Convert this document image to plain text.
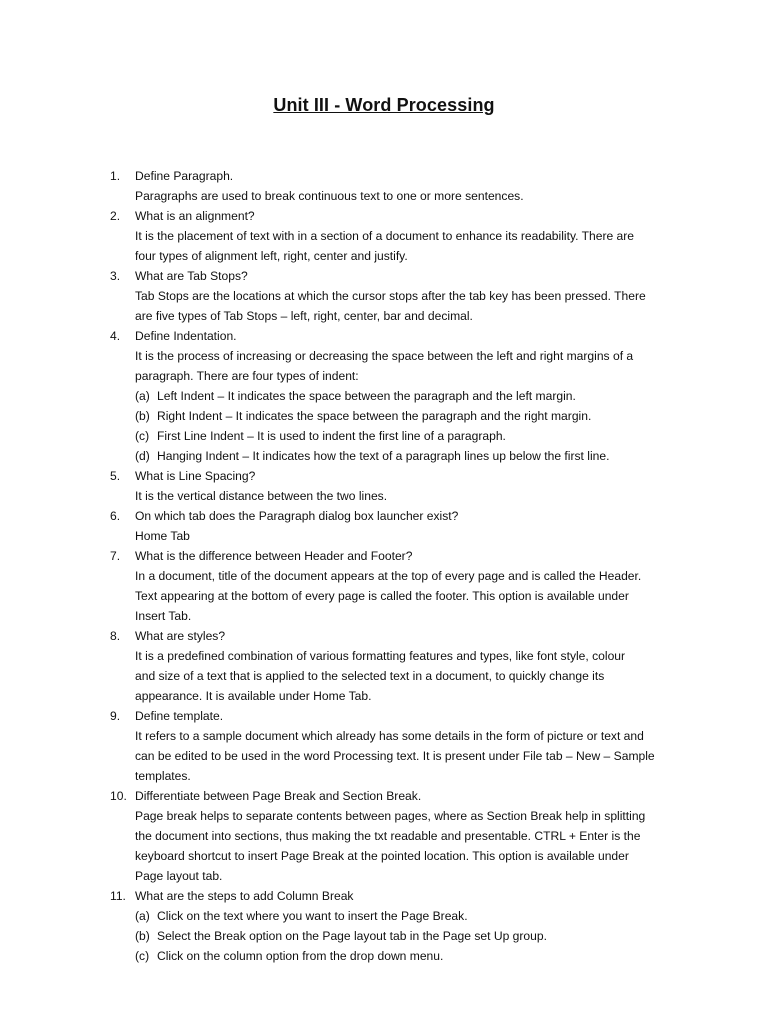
Unit III - Word Processing
1.	Define Paragraph.
Paragraphs are used to break continuous text to one or more sentences.
2.	What is an alignment?
It is the placement of text with in a section of a document to enhance its readability. There are
four types of alignment left, right, center and justify.
3.	What are Tab Stops?
Tab Stops are the locations at which the cursor stops after the tab key has been pressed. There
are five types of Tab Stops – left, right, center, bar and decimal.
4.	Define Indentation.
It is the process of increasing or decreasing the space between the left and right margins of a
paragraph. There are four types of indent:
(a) Left Indent – It indicates the space between the paragraph and the left margin.
(b) Right Indent – It indicates the space between the paragraph and the right margin.
(c) First Line Indent – It is used to indent the first line of a paragraph.
(d) Hanging Indent – It indicates how the text of a paragraph lines up below the first line.
5.	What is Line Spacing?
It is the vertical distance between the two lines.
6.	On which tab does the Paragraph dialog box launcher exist?
Home Tab
7.	What is the difference between Header and Footer?
In a document, title of the document appears at the top of every page and is called the Header.
Text appearing at the bottom of every page is called the footer. This option is available under
Insert Tab.
8.	What are styles?
It is a predefined combination of various formatting features and types, like font style, colour
and size of a text that is applied to the selected text in a document, to quickly change its
appearance. It is available under Home Tab.
9.	Define template.
It refers to a sample document which already has some details in the form of picture or text and
can be edited to be used in the word Processing text. It is present under File tab – New – Sample
templates.
10. Differentiate between Page Break and Section Break.
Page break helps to separate contents between pages, where as Section Break help in splitting
the document into sections, thus making the txt readable and presentable. CTRL + Enter is the
keyboard shortcut to insert Page Break at the pointed location. This option is available under
Page layout tab.
11. What are the steps to add Column Break
(a) Click on the text where you want to insert the Page Break.
(b) Select the Break option on the Page layout tab in the Page set Up group.
(c) Click on the column option from the drop down menu.
